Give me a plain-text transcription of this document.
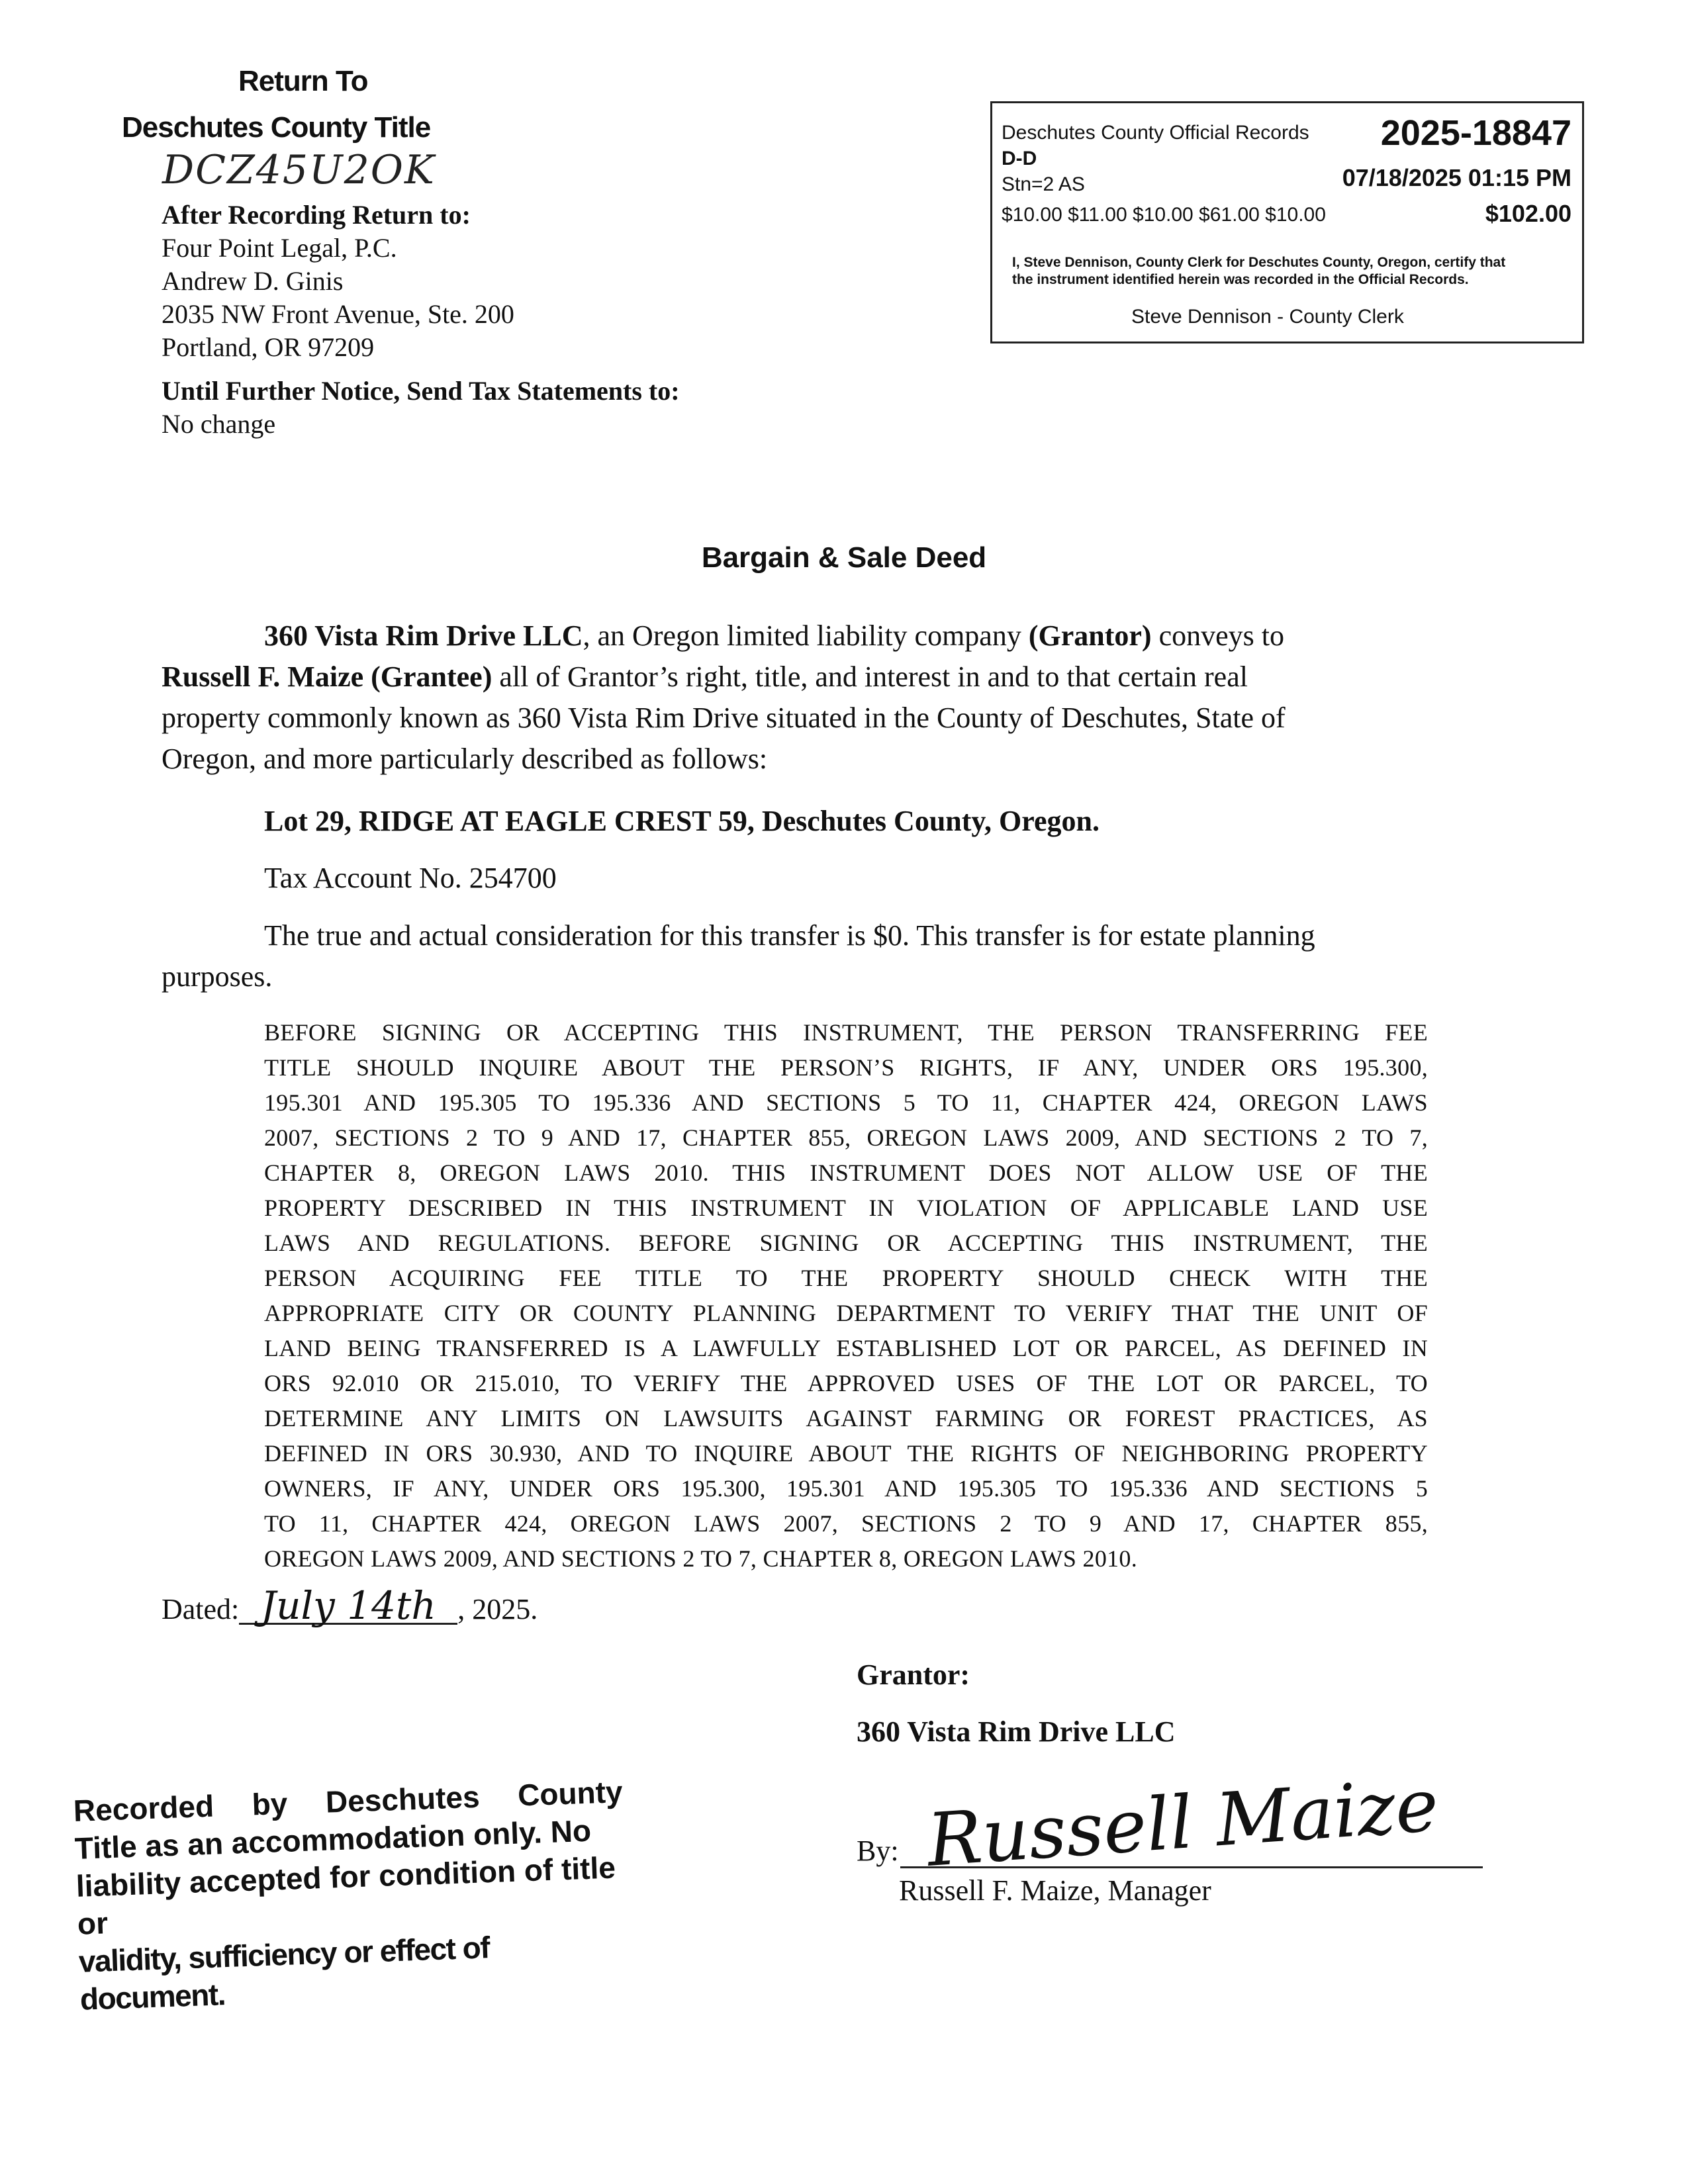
Return To
Deschutes County Title
DCZ45U2OK
After Recording Return to:
Four Point Legal, P.C.
Andrew D. Ginis
2035 NW Front Avenue, Ste. 200
Portland, OR 97209
Until Further Notice, Send Tax Statements to:
No change
Deschutes County Official Records 2025-18847
D-D
Stn=2 AS	07/18/2025 01:15 PM
$10.00 $11.00 $10.00 $61.00 $10.00	$102.00
I, Steve Dennison, County Clerk for Deschutes County, Oregon, certify that the instrument identified herein was recorded in the Official Records.
Steve Dennison - County Clerk
Bargain & Sale Deed
360 Vista Rim Drive LLC, an Oregon limited liability company (Grantor) conveys to
Russell F. Maize (Grantee) all of Grantor’s right, title, and interest in and to that certain real
property commonly known as 360 Vista Rim Drive situated in the County of Deschutes, State of
Oregon, and more particularly described as follows:
Lot 29, RIDGE AT EAGLE CREST 59, Deschutes County, Oregon.
Tax Account No. 254700
The true and actual consideration for this transfer is $0. This transfer is for estate planning
purposes.
BEFORE SIGNING OR ACCEPTING THIS INSTRUMENT, THE PERSON TRANSFERRING FEE
TITLE SHOULD INQUIRE ABOUT THE PERSON’S RIGHTS, IF ANY, UNDER ORS 195.300,
195.301 AND 195.305 TO 195.336 AND SECTIONS 5 TO 11, CHAPTER 424, OREGON LAWS
2007, SECTIONS 2 TO 9 AND 17, CHAPTER 855, OREGON LAWS 2009, AND SECTIONS 2 TO 7,
CHAPTER 8, OREGON LAWS 2010. THIS INSTRUMENT DOES NOT ALLOW USE OF THE
PROPERTY DESCRIBED IN THIS INSTRUMENT IN VIOLATION OF APPLICABLE LAND USE
LAWS AND REGULATIONS. BEFORE SIGNING OR ACCEPTING THIS INSTRUMENT, THE
PERSON ACQUIRING FEE TITLE TO THE PROPERTY SHOULD CHECK WITH THE
APPROPRIATE CITY OR COUNTY PLANNING DEPARTMENT TO VERIFY THAT THE UNIT OF
LAND BEING TRANSFERRED IS A LAWFULLY ESTABLISHED LOT OR PARCEL, AS DEFINED IN
ORS 92.010 OR 215.010, TO VERIFY THE APPROVED USES OF THE LOT OR PARCEL, TO
DETERMINE ANY LIMITS ON LAWSUITS AGAINST FARMING OR FOREST PRACTICES, AS
DEFINED IN ORS 30.930, AND TO INQUIRE ABOUT THE RIGHTS OF NEIGHBORING PROPERTY
OWNERS, IF ANY, UNDER ORS 195.300, 195.301 AND 195.305 TO 195.336 AND SECTIONS 5
TO 11, CHAPTER 424, OREGON LAWS 2007, SECTIONS 2 TO 9 AND 17, CHAPTER 855,
OREGON LAWS 2009, AND SECTIONS 2 TO 7, CHAPTER 8, OREGON LAWS 2010.
Dated: July 14th , 2025.
Grantor:
360 Vista Rim Drive LLC
By: Russell Maize
Russell F. Maize, Manager
Recorded by Deschutes County
Title as an accommodation only. No
liability accepted for condition of title or
validity, sufficiency or effect of document.
